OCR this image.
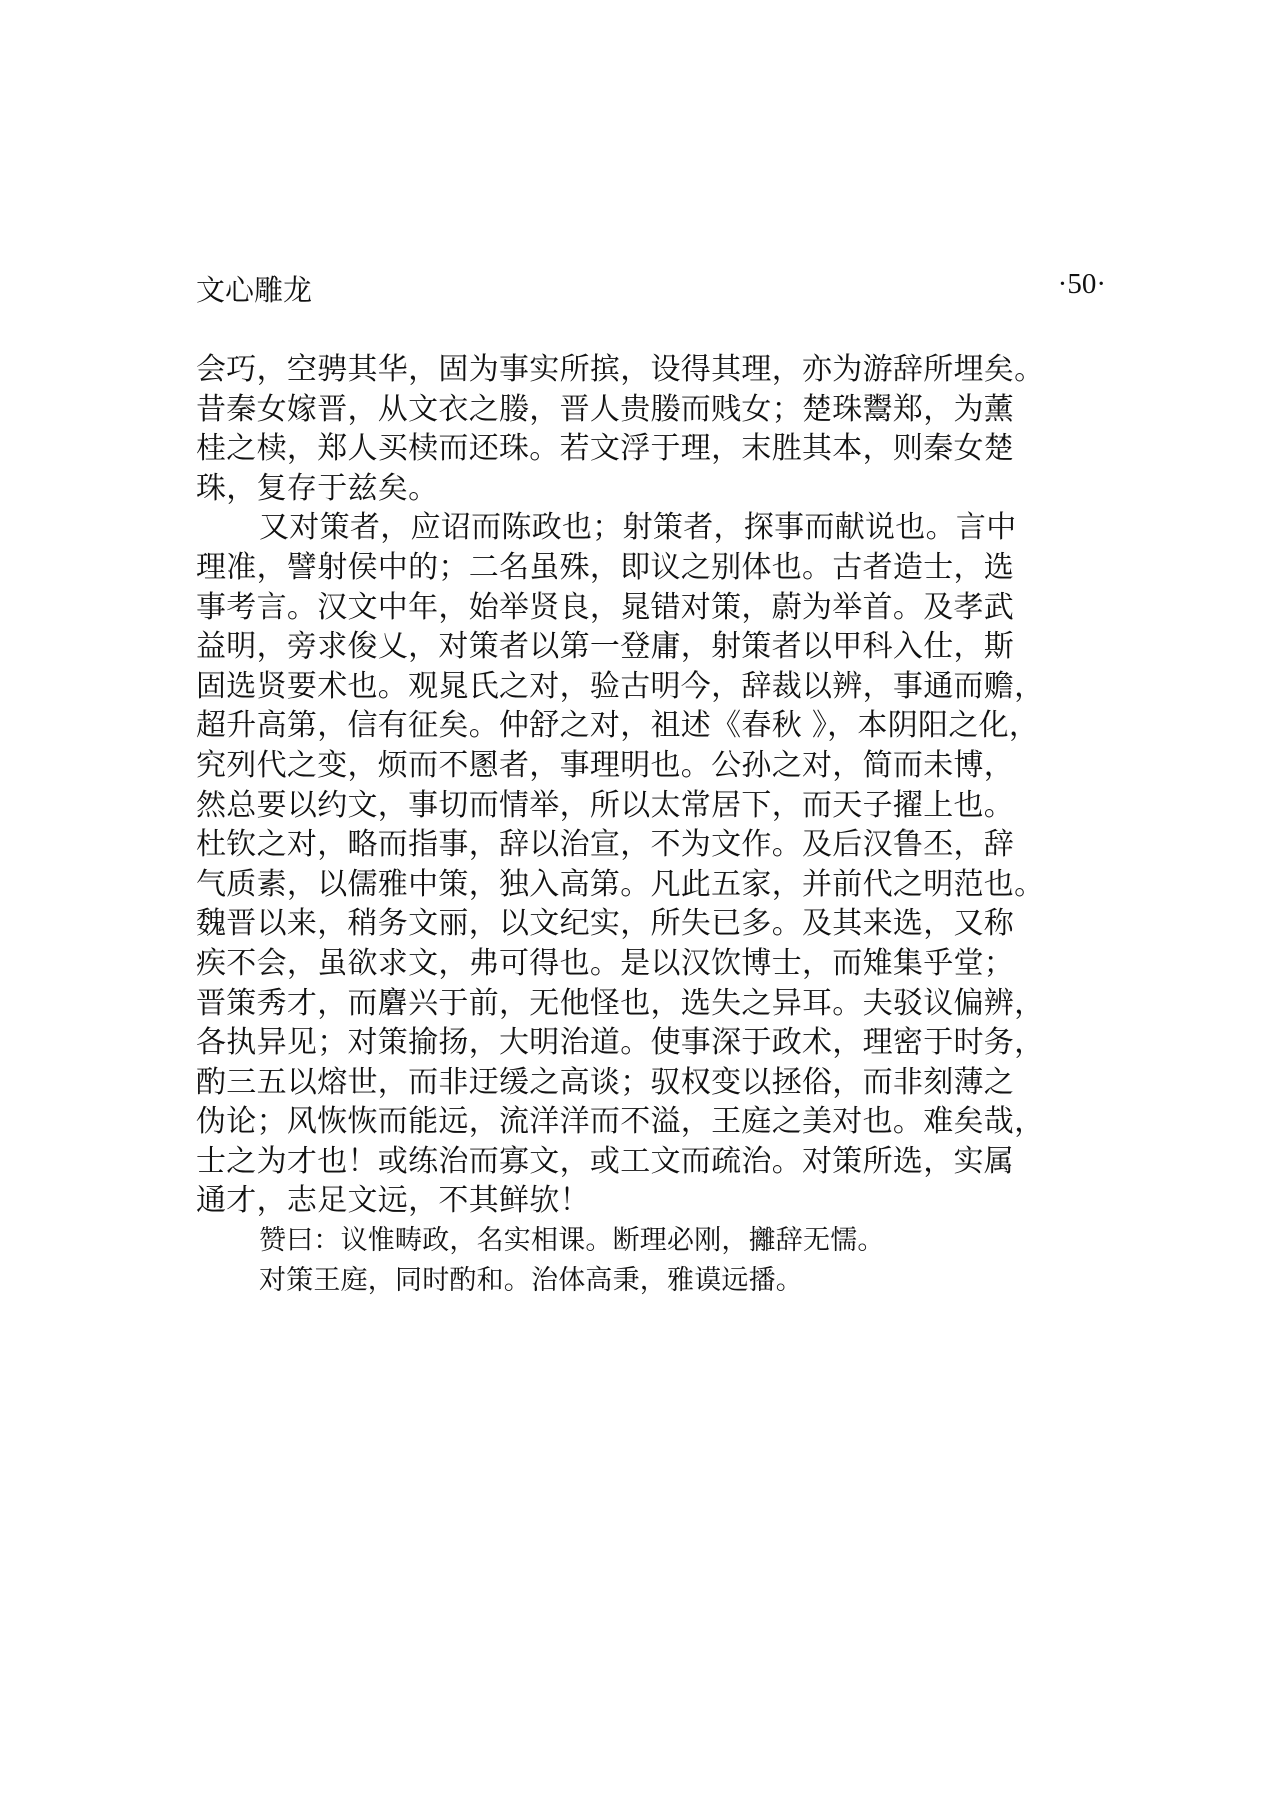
文心雕龙	·50·
会巧，空骋其华，固为事实所摈，设得其理，亦为游辞所埋矣。
昔秦女嫁晋，从文衣之媵，晋人贵媵而贱女；楚珠鬻郑，为薰
桂之椟，郑人买椟而还珠。若文浮于理，末胜其本，则秦女楚
珠，复存于兹矣。
又对策者，应诏而陈政也；射策者，探事而献说也。言中
理准，譬射侯中的；二名虽殊，即议之别体也。古者造士，选
事考言。汉文中年，始举贤良，晁错对策，蔚为举首。及孝武
益明，旁求俊乂，对策者以第一登庸，射策者以甲科入仕，斯
固选贤要术也。观晁氏之对，验古明今，辞裁以辨，事通而赡，
超升高第，信有征矣。仲舒之对，祖述《春秋 》，本阴阳之化，
究列代之变，烦而不慁者，事理明也。公孙之对，简而未博，
然总要以约文，事切而情举，所以太常居下，而天子擢上也。
杜钦之对，略而指事，辞以治宣，不为文作。及后汉鲁丕，辞
气质素，以儒雅中策，独入高第。凡此五家，并前代之明范也。
魏晋以来，稍务文丽，以文纪实，所失已多。及其来选，又称
疾不会，虽欲求文，弗可得也。是以汉饮博士，而雉集乎堂；
晋策秀才，而麏兴于前，无他怪也，选失之异耳。夫驳议偏辨，
各执异见；对策揄扬，大明治道。使事深于政术，理密于时务，
酌三五以熔世，而非迂缓之高谈；驭权变以拯俗，而非刻薄之
伪论；风恢恢而能远，流洋洋而不溢，王庭之美对也。难矣哉，
士之为才也！或练治而寡文，或工文而疏治。对策所选，实属
通才，志足文远，不其鲜欤！
赞曰：议惟畴政，名实相课。断理必刚，攡辞无懦。
对策王庭，同时酌和。治体高秉，雅谟远播。
